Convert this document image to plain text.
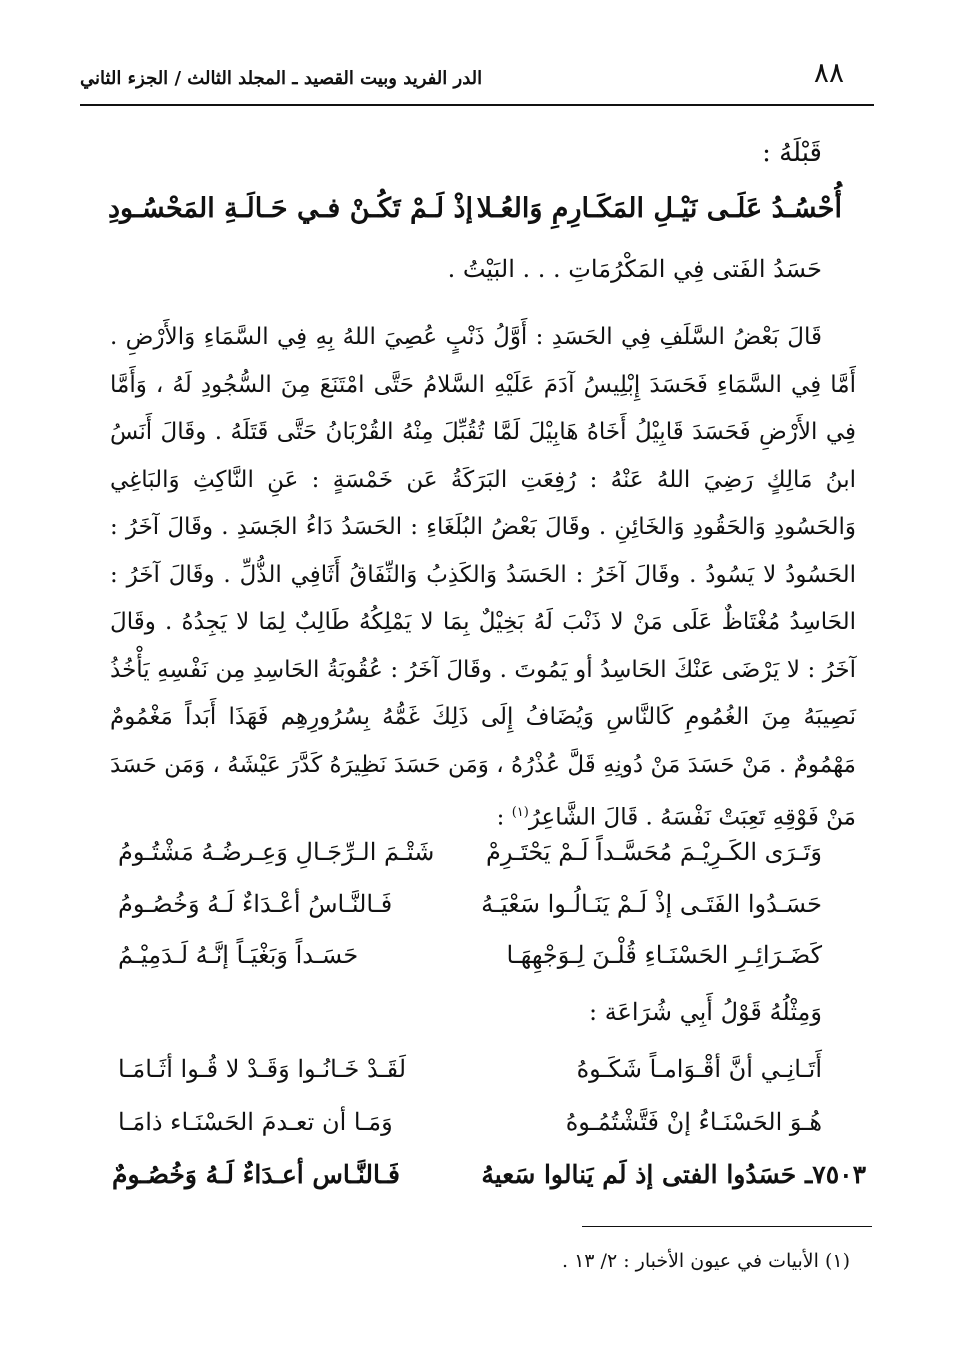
٨٨
الدر الفريد وبيت القصيد ـ المجلد الثالث / الجزء الثاني
قَبْلَهُ :
أُحْسُـدُ عَلَـى نَيْـلِ المَكَـارِمِ وَالعُـلا
إذْ لَـمْ تَكُـنْ فـي حَـالَـةِ المَحْسُـودِ
حَسَدُ الفَتى فِي المَكْرُمَاتِ . . . البَيْتُ .
قَالَ بَعْضُ السَّلَفِ فِي الحَسَدِ : أَوَّلُ ذَنْبٍ عُصِيَ اللهُ بِهِ فِي السَّمَاءِ وَالأَرْضِ . أَمَّا فِي السَّمَاءِ فَحَسَدَ إِبْلِيسُ آدَمَ عَلَيْهِ السَّلامُ حَتَّى امْتَنَعَ مِنَ السُّجُودِ لَهُ ، وَأَمَّا فِي الأَرْضِ فَحَسَدَ قَابِيْلُ أَخَاهُ هَابِيْلَ لَمَّا تُقُبِّلَ مِنْهُ القُرْبَانُ حَتَّى قَتَلَهُ . وقَالَ أَنَسُ ابنُ مَالِكٍ رَضِيَ اللهُ عَنْهُ : رُفِعَتِ البَرَكَةُ عَن خَمْسَةٍ : عَنِ النَّاكِثِ وَالبَاغِي وَالحَسُودِ وَالحَقُودِ وَالخَائِنِ . وقَالَ بَعْضُ البُلَغَاءِ : الحَسَدُ دَاءُ الجَسَدِ . وقَالَ آخَرُ : الحَسُودُ لا يَسُودُ . وقَالَ آخَرُ : الحَسَدُ وَالكَذِبُ وَالنِّفَاقُ أَثَافِي الذُّلِّ . وقَالَ آخَرُ : الحَاسِدُ مُغْتَاظٌ عَلَى مَنْ لا ذَنْبَ لَهُ بَخِيْلٌ بِمَا لا يَمْلِكُهُ طَالِبٌ لِمَا لا يَجِدُهُ . وقَالَ آخَرُ : لا يَرْضَى عَنْكَ الحَاسِدُ أو يَمُوتَ . وقَالَ آخَرُ : عُقُوبَةُ الحَاسِدِ مِن نَفْسِهِ يَأْخُذُ نَصِيبَهُ مِنَ الغُمُومِ كَالنَّاسِ وَيُضَافُ إِلَى ذَلِكَ غَمُّهُ بِسُرُورِهِم فَهَذَا أَبَداً مَغْمُومٌ مَهْمُومٌ . مَنْ حَسَدَ مَنْ دُونِهِ قَلَّ عُذْرُهُ ، وَمَن حَسَدَ نَظِيرَهُ كَدَّرَ عَيْشَهُ ، وَمَن حَسَدَ مَنْ فَوْقِهِ تَعِبَتْ نَفْسَهُ . قَالَ الشَّاعِرُ$^{(١)}$ :
وَتَـرَى الكَـرِيْـمَ مُحَسَّـداً لَـمْ يَحْتَـرِمْ
شَتْـمَ الـرِّجَـالِ وَعِـرضُـهُ مَشْتُـومُ
حَسَـدُوا الفَتَـى إذْ لَـمْ يَنَـالُـوا سَعْيَـهُ
فَـالنَّـاسُ أعْـدَاءٌ لَـهُ وَخُصُـومُ
كَضَـرَائِـرِ الحَسْنَـاءِ قُلْـنَ لِـوَجْهِهَـا
حَسَـداً وَبَغْيَـاً إنَّـهُ لَـدَمِيْـمُ
وَمِثْلُهُ قَوْلُ أَبِي شُرَاعَة :
أَتَـانِـي أنَّ أقْـوَامـاً شَكَـوهُ
لَقَـدْ خَـانُـوا وَقَـدْ لا قُـوا أثَـامَـا
هُـوَ الحَسْنَـاءُ إنْ فَتَّشْتُمُـوهُ
وَمَـا أن تعـدمَ الحَسْنَـاء ذامَـا
٧٥٠٣ـ حَسَدُوا الفتى إذ لَم يَنالوا سَعيهُ
فَـالنَّـاس أعـدَاءٌ لَـهُ وَخُصُـومٌ
(١) الأبيات في عيون الأخبار : ٢/ ١٣ .
